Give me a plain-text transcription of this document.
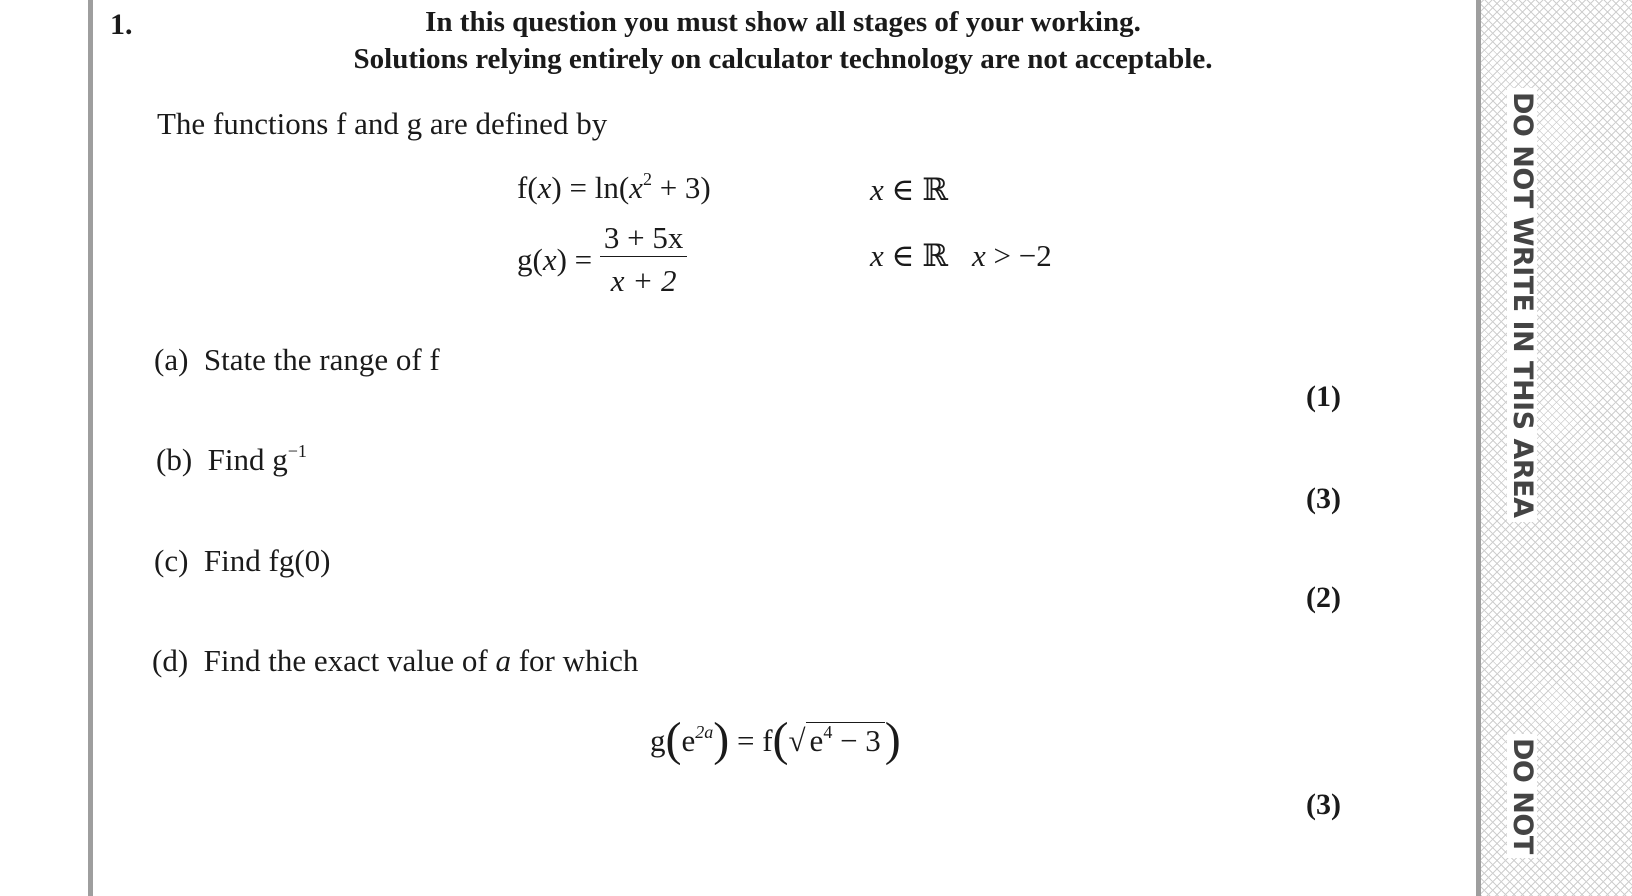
DO NOT WRITE IN THIS AREA
DO NOT
1.	In this question you must show all stages of your working.
Solutions relying entirely on calculator technology are not acceptable.
The functions f and g are defined by
$f(x) = \ln(x^2 + 3)$	x ∈ ℝ
$g(x) = \frac{3 + 5x}{x + 2}$	x ∈ ℝ x > −2
(a) State the range of f
(1)
(b) Find $g^{-1}$
(3)
(c) Find fg(0)
(2)
(d) Find the exact value of a for which
$g(e^{2a}) = f(√$ $e^4 - 3$)
(3)
